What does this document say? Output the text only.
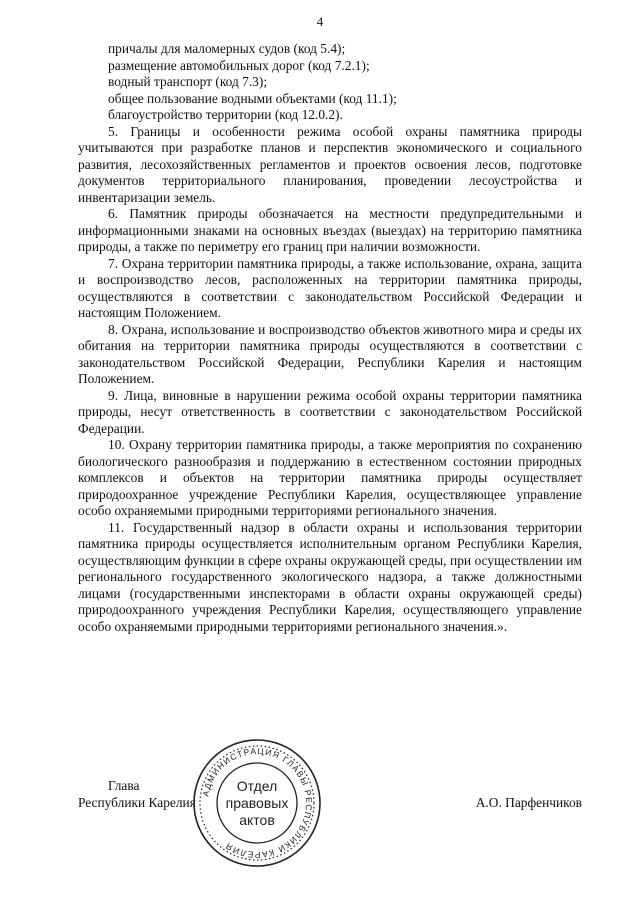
4

причалы для маломерных судов (код 5.4);

размещение автомобильных дорог (код 7.2.1);

водный транспорт (код 7.3);

общее пользование водными объектами (код 11.1);

благоустройство территории (код 12.0.2).

5. Границы и особенности режима особой охраны памятника природы учитываются при разработке планов и перспектив экономического и социального развития, лесохозяйственных регламентов и проектов освоения лесов, подготовке документов территориального планирования, проведении лесоустройства и инвентаризации земель.

6. Памятник природы обозначается на местности предупредительными и информационными знаками на основных въездах (выездах) на территорию памятника природы, а также по периметру его границ при наличии возможности.

7. Охрана территории памятника природы, а также использование, охрана, защита и воспроизводство лесов, расположенных на территории памятника природы, осуществляются в соответствии с законодательством Российской Федерации и настоящим Положением.

8. Охрана, использование и воспроизводство объектов животного мира и среды их обитания на территории памятника природы осуществляются в соответствии с законодательством Российской Федерации, Республики Карелия и настоящим Положением.

9. Лица, виновные в нарушении режима особой охраны территории памятника природы, несут ответственность в соответствии с законодательством Российской Федерации.

10. Охрану территории памятника природы, а также мероприятия по сохранению биологического разнообразия и поддержанию в естественном состоянии природных комплексов и объектов на территории памятника природы осуществляет природоохранное учреждение Республики Карелия, осуществляющее управление особо охраняемыми природными территориями регионального значения.

11. Государственный надзор в области охраны и использования территории памятника природы осуществляется исполнительным органом Республики Карелия, осуществляющим функции в сфере охраны окружающей среды, при осуществлении им регионального государственного экологического надзора, а также должностными лицами (государственными инспекторами в области охраны окружающей среды) природоохранного учреждения Республики Карелия, осуществляющего управление особо охраняемыми природными территориями регионального значения.».

Глава
Республики Карелия	А.О. Парфенчиков
АДМИНИСТРАЦИЯ ГЛАВЫ РЕСПУБЛИКИ КАРЕЛИЯ
Отдел
правовых
актов
